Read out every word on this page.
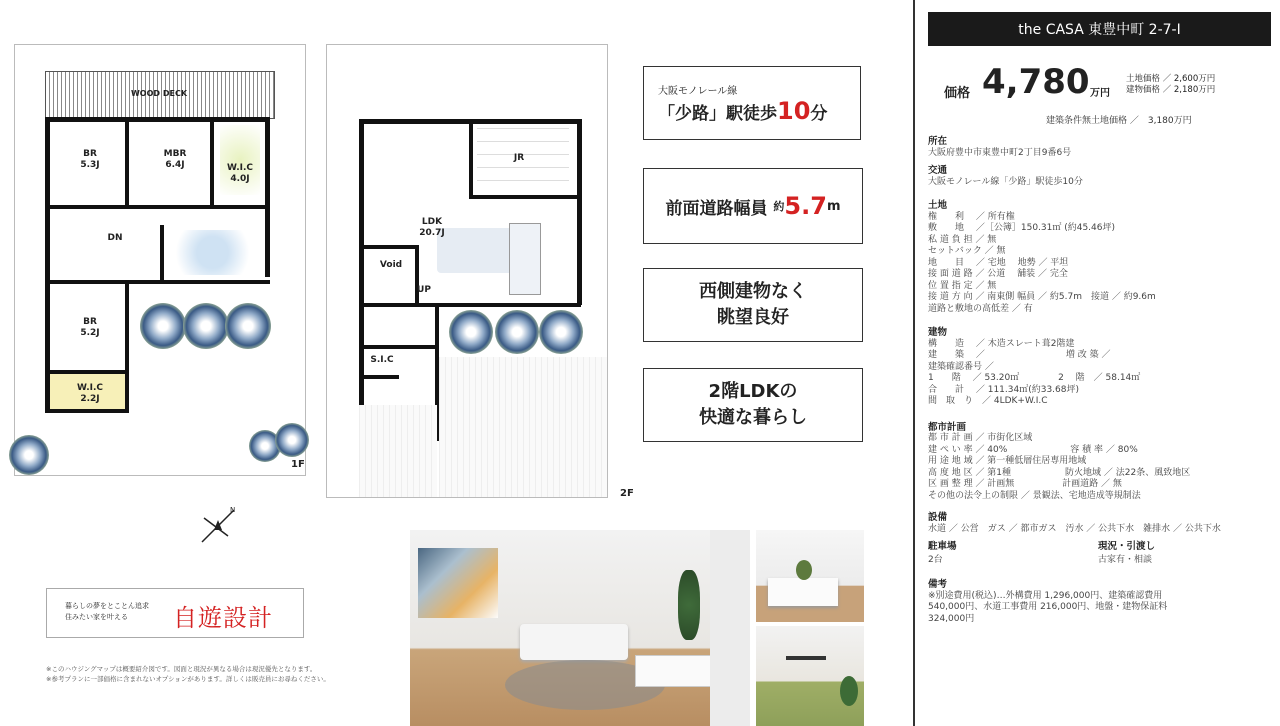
WOOD DECK
BR
5.3J
MBR
6.4J	W.I.C
4.0J
DN
BR
5.2J
W.I.C
2.2J
1F
N
JR
LDK
20.7J
Void
UP
S.I.C
2F
大阪モノレール線
「少路」駅徒歩10分
前面道路幅員
約 5.7 m
西側建物なく
眺望良好
2階LDKの
快適な暮らし
暮らしの夢をとことん追求
住みたい家を叶える	自遊設計
※このハウジングマップは概要紹介図です。図面と現況が異なる場合は現況優先となります。
※参考プランに一部価格に含まれないオプションがあります。詳しくは販売員にお尋ねください。
the CASA 東豊中町 2-7-Ⅰ
価格 4,780 万円
土地価格 ／ 2,600万円
建物価格 ／ 2,180万円
建築条件無土地価格 ／　3,180万円
所在
大阪府豊中市東豊中町2丁目9番6号
交通
大阪モノレール線「少路」駅徒歩10分
土地
権　　利　 ／ 所有権
敷　　地　 ／［公簿］150.31㎡ (約45.46坪)
私 道 負 担 ／ 無
セットバック ／ 無
地　　目　 ／ 宅地　 地勢 ／ 平坦
接 面 道 路 ／ 公道　 舗装 ／ 完全
位 置 指 定 ／ 無
接 道 方 向 ／ 南東側 幅員 ／ 約5.7m　接道 ／ 約9.6m
道路と敷地の高低差 ／ 有
建物
構　　造　 ／ 木造スレート葺2階建
建　　築　 ／　　　　　　　　　増 改 築 ／
建築確認番号 ／
1　　階　 ／ 53.20㎡　　　　 2　 階　／ 58.14㎡
合　　計　 ／ 111.34㎡(約33.68坪)
間　取　り　／ 4LDK+W.I.C
都市計画
都 市 計 画 ／ 市街化区域
建 ぺ い 率 ／ 40%　　　　　　　容 積 率 ／ 80%
用 途 地 域 ／ 第一種低層住居専用地域
高 度 地 区 ／ 第1種　　　　　　防火地域 ／ 法22条、風致地区
区 画 整 理 ／ 計画無　　　　　 計画道路 ／ 無
その他の法令上の制限 ／ 景観法、宅地造成等規制法
設備
水道 ／ 公営　ガス ／ 都市ガス　汚水 ／ 公共下水　雑排水 ／ 公共下水
駐車場
2台
現況・引渡し
古家有・相談
備考
※別途費用(税込)…外構費用 1,296,000円、建築確認費用
540,000円、水道工事費用 216,000円、地盤・建物保証料
324,000円
